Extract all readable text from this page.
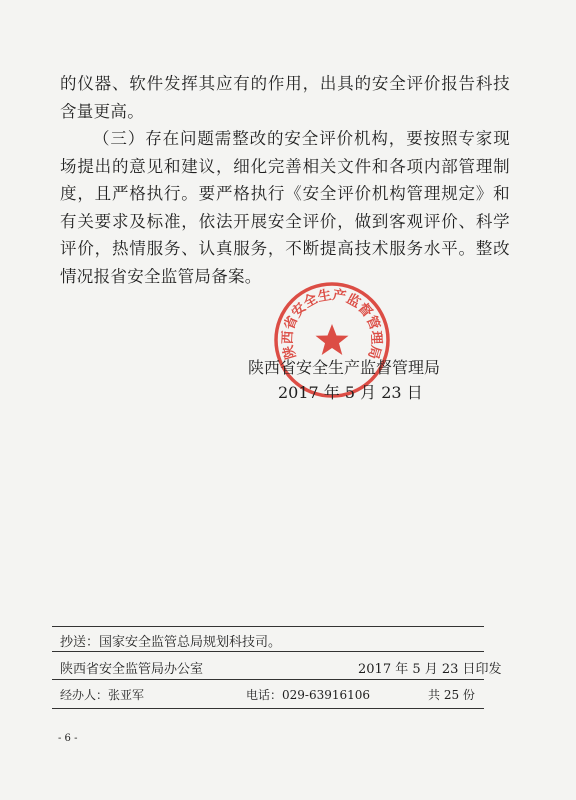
的仪器、软件发挥其应有的作用，出具的安全评价报告科技含量更高。

（三）存在问题需整改的安全评价机构，要按照专家现场提出的意见和建议，细化完善相关文件和各项内部管理制度，且严格执行。要严格执行《安全评价机构管理规定》和有关要求及标准，依法开展安全评价，做到客观评价、科学评价，热情服务、认真服务，不断提高技术服务水平。整改情况报省安全监管局备案。

陕西省安全生产监督管理局
陕西省安全生产监督管理局
2017 年 5 月 23 日
抄送：国家安全监管总局规划科技司。
陕西省安全监管局办公室	2017 年 5 月 23 日印发
经办人：张亚军	电话：029-63916106	共 25 份
- 6 -
